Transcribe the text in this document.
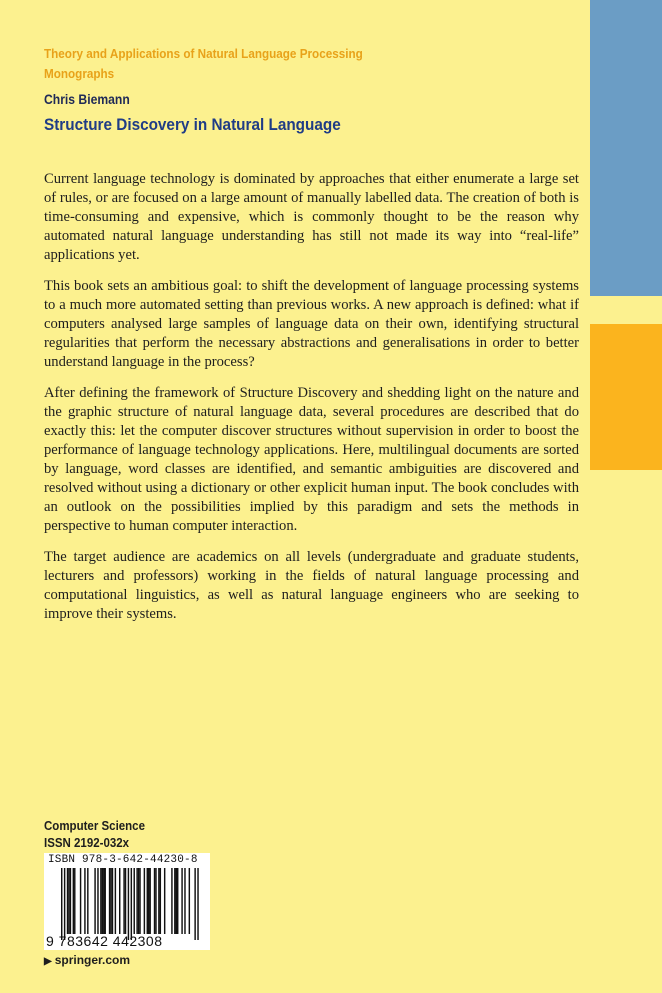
Theory and Applications of Natural Language Processing
Monographs
Chris Biemann
Structure Discovery in Natural Language

Current language technology is dominated by approaches that either enumerate a large set of rules, or are focused on a large amount of manually labelled data. The creation of both is time-consuming and expensive, which is commonly thought to be the reason why automated natural language understanding has still not made its way into “real-life” applications yet.

This book sets an ambitious goal: to shift the development of language processing systems to a much more automated setting than previous works. A new approach is defined: what if computers analysed large samples of language data on their own, identifying structural regularities that perform the necessary abstractions and generalisations in order to better understand language in the process?

After defining the framework of Structure Discovery and shedding light on the nature and the graphic structure of natural language data, several procedures are described that do exactly this: let the computer discover structures without supervision in order to boost the performance of language technology applications. Here, multilingual documents are sorted by language, word classes are identified, and semantic ambiguities are discovered and resolved without using a dictionary or other explicit human input. The book concludes with an outlook on the possibilities implied by this paradigm and sets the methods in perspective to human computer interaction.

The target audience are academics on all levels (undergraduate and graduate students, lecturers and professors) working in the fields of natural language processing and computational linguistics, as well as natural language engineers who are seeking to improve their systems.

Computer Science
ISSN 2192-032x
ISBN 978-3-642-44230-8
9 783642 442308
▶ springer.com
